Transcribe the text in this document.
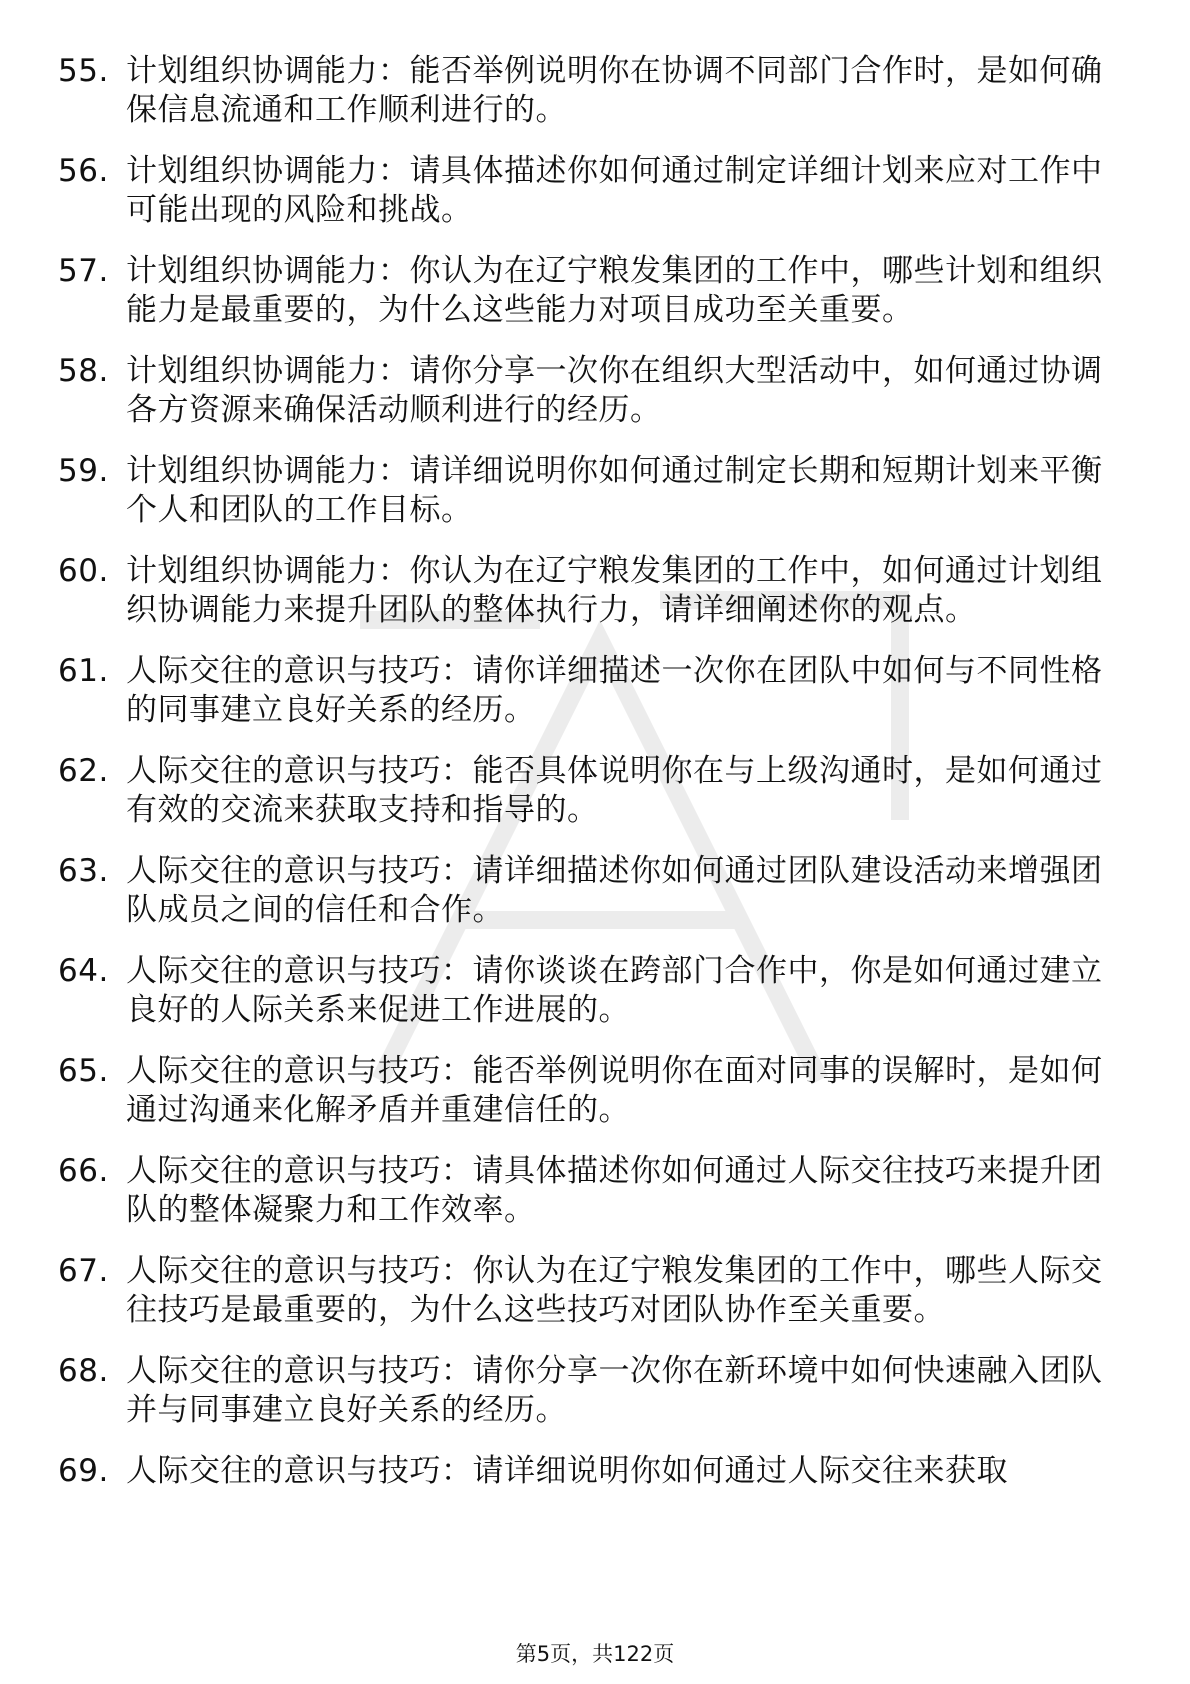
55. 计划组织协调能力：能否举例说明你在协调不同部门合作时，是如何确保信息流通和工作顺利进行的。
56. 计划组织协调能力：请具体描述你如何通过制定详细计划来应对工作中可能出现的风险和挑战。
57. 计划组织协调能力：你认为在辽宁粮发集团的工作中，哪些计划和组织能力是最重要的，为什么这些能力对项目成功至关重要。
58. 计划组织协调能力：请你分享一次你在组织大型活动中，如何通过协调各方资源来确保活动顺利进行的经历。
59. 计划组织协调能力：请详细说明你如何通过制定长期和短期计划来平衡个人和团队的工作目标。
60. 计划组织协调能力：你认为在辽宁粮发集团的工作中，如何通过计划组织协调能力来提升团队的整体执行力，请详细阐述你的观点。
61. 人际交往的意识与技巧：请你详细描述一次你在团队中如何与不同性格的同事建立良好关系的经历。
62. 人际交往的意识与技巧：能否具体说明你在与上级沟通时，是如何通过有效的交流来获取支持和指导的。
63. 人际交往的意识与技巧：请详细描述你如何通过团队建设活动来增强团队成员之间的信任和合作。
64. 人际交往的意识与技巧：请你谈谈在跨部门合作中，你是如何通过建立良好的人际关系来促进工作进展的。
65. 人际交往的意识与技巧：能否举例说明你在面对同事的误解时，是如何通过沟通来化解矛盾并重建信任的。
66. 人际交往的意识与技巧：请具体描述你如何通过人际交往技巧来提升团队的整体凝聚力和工作效率。
67. 人际交往的意识与技巧：你认为在辽宁粮发集团的工作中，哪些人际交往技巧是最重要的，为什么这些技巧对团队协作至关重要。
68. 人际交往的意识与技巧：请你分享一次你在新环境中如何快速融入团队并与同事建立良好关系的经历。
69. 人际交往的意识与技巧：请详细说明你如何通过人际交往来获取
第5页，共122页
